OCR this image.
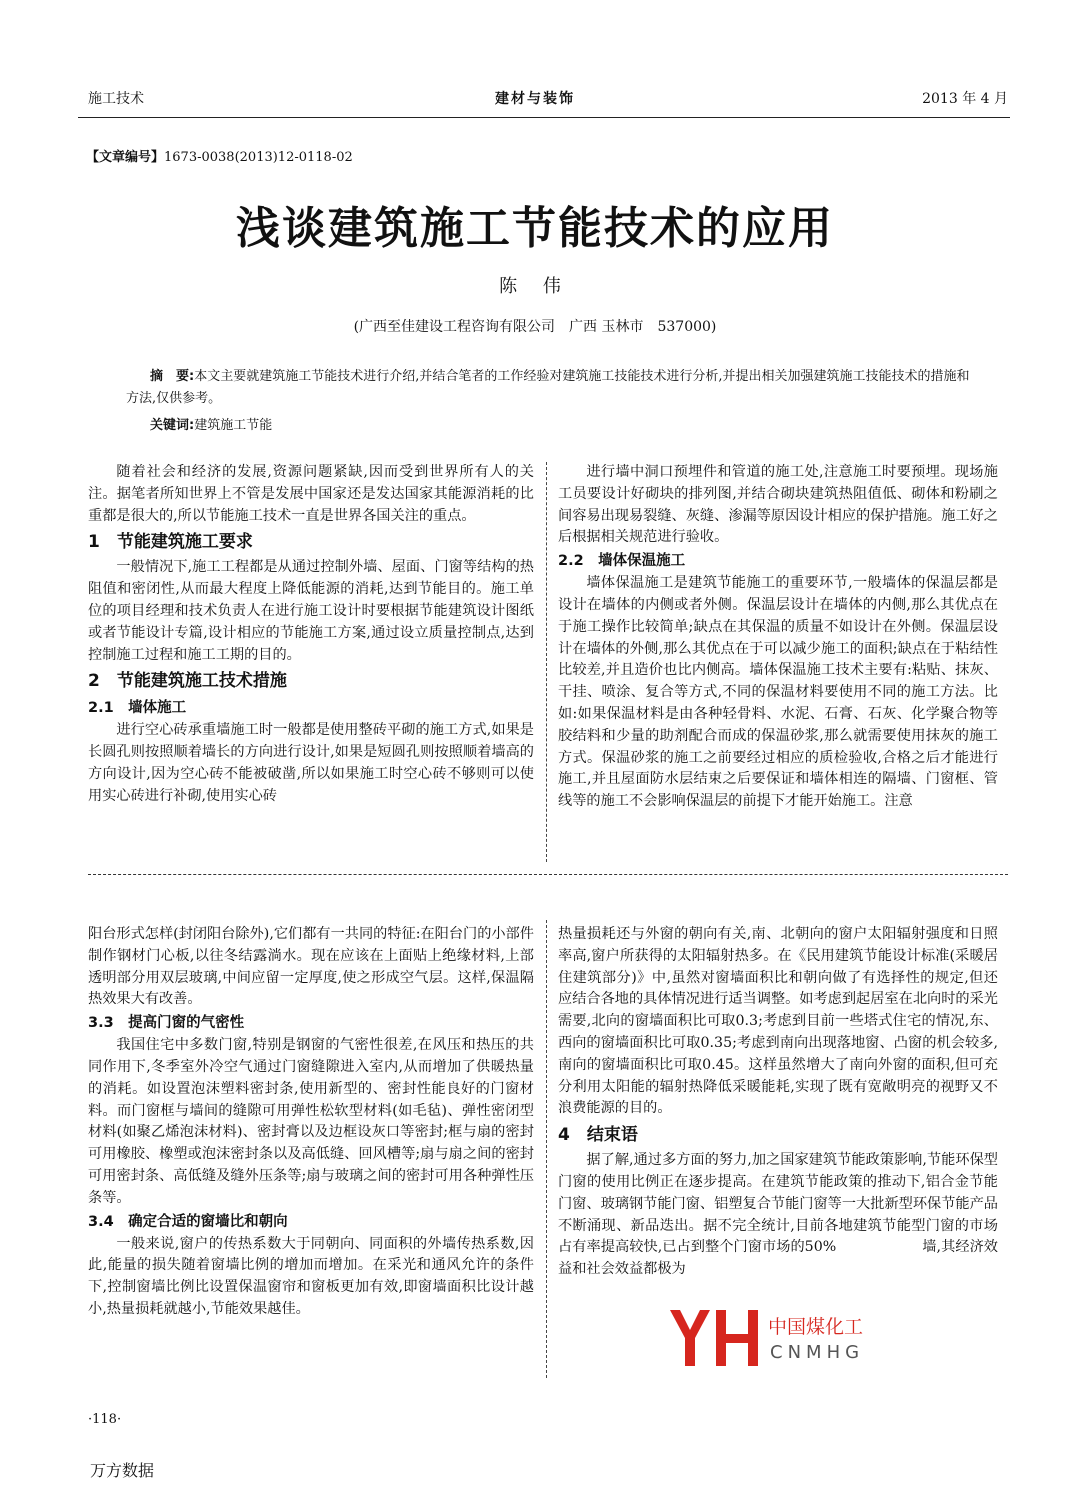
施工技术	建材与装饰	2013 年 4 月
【文章编号】1673-0038(2013)12-0118-02
浅谈建筑施工节能技术的应用
陈 伟
(广西至佳建设工程咨询有限公司　广西 玉林市　537000)
摘　要:本文主要就建筑施工节能技术进行介绍,并结合笔者的工作经验对建筑施工技能技术进行分析,并提出相关加强建筑施工技能技术的措施和方法,仅供参考。
关键词:建筑施工节能

随着社会和经济的发展,资源问题紧缺,因而受到世界所有人的关注。据笔者所知世界上不管是发展中国家还是发达国家其能源消耗的比重都是很大的,所以节能施工技术一直是世界各国关注的重点。

1　节能建筑施工要求

一般情况下,施工工程都是从通过控制外墙、屋面、门窗等结构的热阻值和密闭性,从而最大程度上降低能源的消耗,达到节能目的。施工单位的项目经理和技术负责人在进行施工设计时要根据节能建筑设计图纸或者节能设计专篇,设计相应的节能施工方案,通过设立质量控制点,达到控制施工过程和施工工期的目的。

2　节能建筑施工技术措施
2.1　墙体施工

进行空心砖承重墙施工时一般都是使用整砖平砌的施工方式,如果是长圆孔则按照顺着墙长的方向进行设计,如果是短圆孔则按照顺着墙高的方向设计,因为空心砖不能被破凿,所以如果施工时空心砖不够则可以使用实心砖进行补砌,使用实心砖

进行墙中洞口预埋件和管道的施工处,注意施工时要预埋。现场施工员要设计好砌块的排列图,并结合砌块建筑热阻值低、砌体和粉刷之间容易出现易裂缝、灰缝、渗漏等原因设计相应的保护措施。施工好之后根据相关规范进行验收。

2.2　墙体保温施工

墙体保温施工是建筑节能施工的重要环节,一般墙体的保温层都是设计在墙体的内侧或者外侧。保温层设计在墙体的内侧,那么其优点在于施工操作比较简单;缺点在其保温的质量不如设计在外侧。保温层设计在墙体的外侧,那么其优点在于可以减少施工的面积;缺点在于粘结性比较差,并且造价也比内侧高。墙体保温施工技术主要有:粘贴、抹灰、干挂、喷涂、复合等方式,不同的保温材料要使用不同的施工方法。比如:如果保温材料是由各种轻骨料、水泥、石膏、石灰、化学聚合物等胶结料和少量的助剂配合而成的保温砂浆,那么就需要使用抹灰的施工方式。保温砂浆的施工之前要经过相应的质检验收,合格之后才能进行施工,并且屋面防水层结束之后要保证和墙体相连的隔墙、门窗框、管线等的施工不会影响保温层的前提下才能开始施工。注意

阳台形式怎样(封闭阳台除外),它们都有一共同的特征:在阳台门的小部件制作钢材门心板,以往冬结露淌水。现在应该在上面贴上绝缘材料,上部透明部分用双层玻璃,中间应留一定厚度,使之形成空气层。这样,保温隔热效果大有改善。

3.3　提高门窗的气密性

我国住宅中多数门窗,特别是钢窗的气密性很差,在风压和热压的共同作用下,冬季室外冷空气通过门窗缝隙进入室内,从而增加了供暖热量的消耗。如设置泡沫塑料密封条,使用新型的、密封性能良好的门窗材料。而门窗框与墙间的缝隙可用弹性松软型材料(如毛毡)、弹性密闭型材料(如聚乙烯泡沫材料)、密封膏以及边框设灰口等密封;框与扇的密封可用橡胶、橡塑或泡沫密封条以及高低缝、回风槽等;扇与扇之间的密封可用密封条、高低缝及缝外压条等;扇与玻璃之间的密封可用各种弹性压条等。

3.4　确定合适的窗墙比和朝向

一般来说,窗户的传热系数大于同朝向、同面积的外墙传热系数,因此,能量的损失随着窗墙比例的增加而增加。在采光和通风允许的条件下,控制窗墙比例比设置保温窗帘和窗板更加有效,即窗墙面积比设计越小,热量损耗就越小,节能效果越佳。

热量损耗还与外窗的朝向有关,南、北朝向的窗户太阳辐射强度和日照率高,窗户所获得的太阳辐射热多。在《民用建筑节能设计标准(采暖居住建筑部分)》中,虽然对窗墙面积比和朝向做了有选择性的规定,但还应结合各地的具体情况进行适当调整。如考虑到起居室在北向时的采光需要,北向的窗墙面积比可取0.3;考虑到目前一些塔式住宅的情况,东、西向的窗墙面积比可取0.35;考虑到南向出现落地窗、凸窗的机会较多,南向的窗墙面积比可取0.45。这样虽然增大了南向外窗的面积,但可充分利用太阳能的辐射热降低采暖能耗,实现了既有宽敞明亮的视野又不浪费能源的目的。

4　结束语

据了解,通过多方面的努力,加之国家建筑节能政策影响,节能环保型门窗的使用比例正在逐步提高。在建筑节能政策的推动下,铝合金节能门窗、玻璃钢节能门窗、铝塑复合节能门窗等一大批新型环保节能产品不断涌现、新品迭出。据不完全统计,目前各地建筑节能型门窗的市场占有率提高较快,已占到整个门窗市场的50%	墙,其经济效益和社会效益都极为

中国煤化工
CNMHG
·118·
万方数据
